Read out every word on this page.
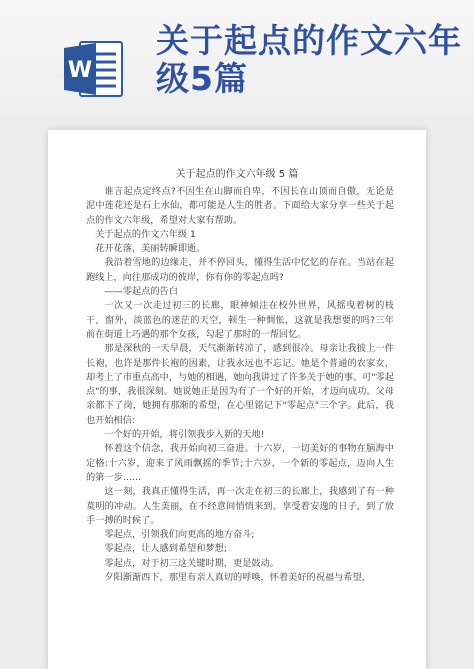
W
关于起点的作文六年级5篇
关于起点的作文六年级 5 篇

谁言起点定终点?不因生在山脚而自卑，不因长在山顶而自傲，无论是泥中莲花还是石上水仙，都可能是人生的胜者。下面给大家分享一些关于起点的作文六年级，希望对大家有帮助。

关于起点的作文六年级 1

花开花落，美丽转瞬即逝。

我沿着雪地的边缘走，并不停回头，懂得生活中忆忆的存在。当站在起跑线上，向往那成功的彼岸，你有你的零起点吗?

——零起点的告白

一次又一次走过初三的长廊，眼神倾注在校外世界，风摇曳着树的枝干，窗外，淡蓝色的迷茫的天空，顿生一种惆怅，这就是我想要的吗?三年前在街道上巧遇的那个女孩，勾起了那时的一帮回忆。

那是深秋的一天早晨，天气渐渐转凉了，感到很冷。母亲让我披上一件长袍，也许是那件长袍的因素，让我永远也不忘记。她是个普通的农家女，却考上了市重点高中，与她的相遇，她向我讲过了许多关于她的事。可"零起点"的事，我很深刻。她说她正是因为有了一个好的开始，才迈向成功。父母亲都下了岗，她拥有那渐的希望，在心里铭记下"零起点"三个字。此后，我也开始相信:

一个好的开始，将引领我步入新的天地!

怀着这个信念，我开始向初三奋进。十六岁，一切美好的事物在脑海中定格:十六岁，迎来了风雨飘摇的季节;十六岁，一个新的零起点，迈向人生的第一步……

这一刻，我真正懂得生活，再一次走在初三的长廊上，我感到了有一种莫明的冲动。人生美丽，在不经意间悄悄来到。享受着安逸的日子，到了放手一搏的时候了。

零起点，引领我们向更高的地方奋斗;

零起点，让人感到希望和梦想;

零起点，对于初三这关键时期，更是鼓动。

夕阳渐渐西下，那里有亲人真切的呼唤，怀着美好的祝福与希望，
